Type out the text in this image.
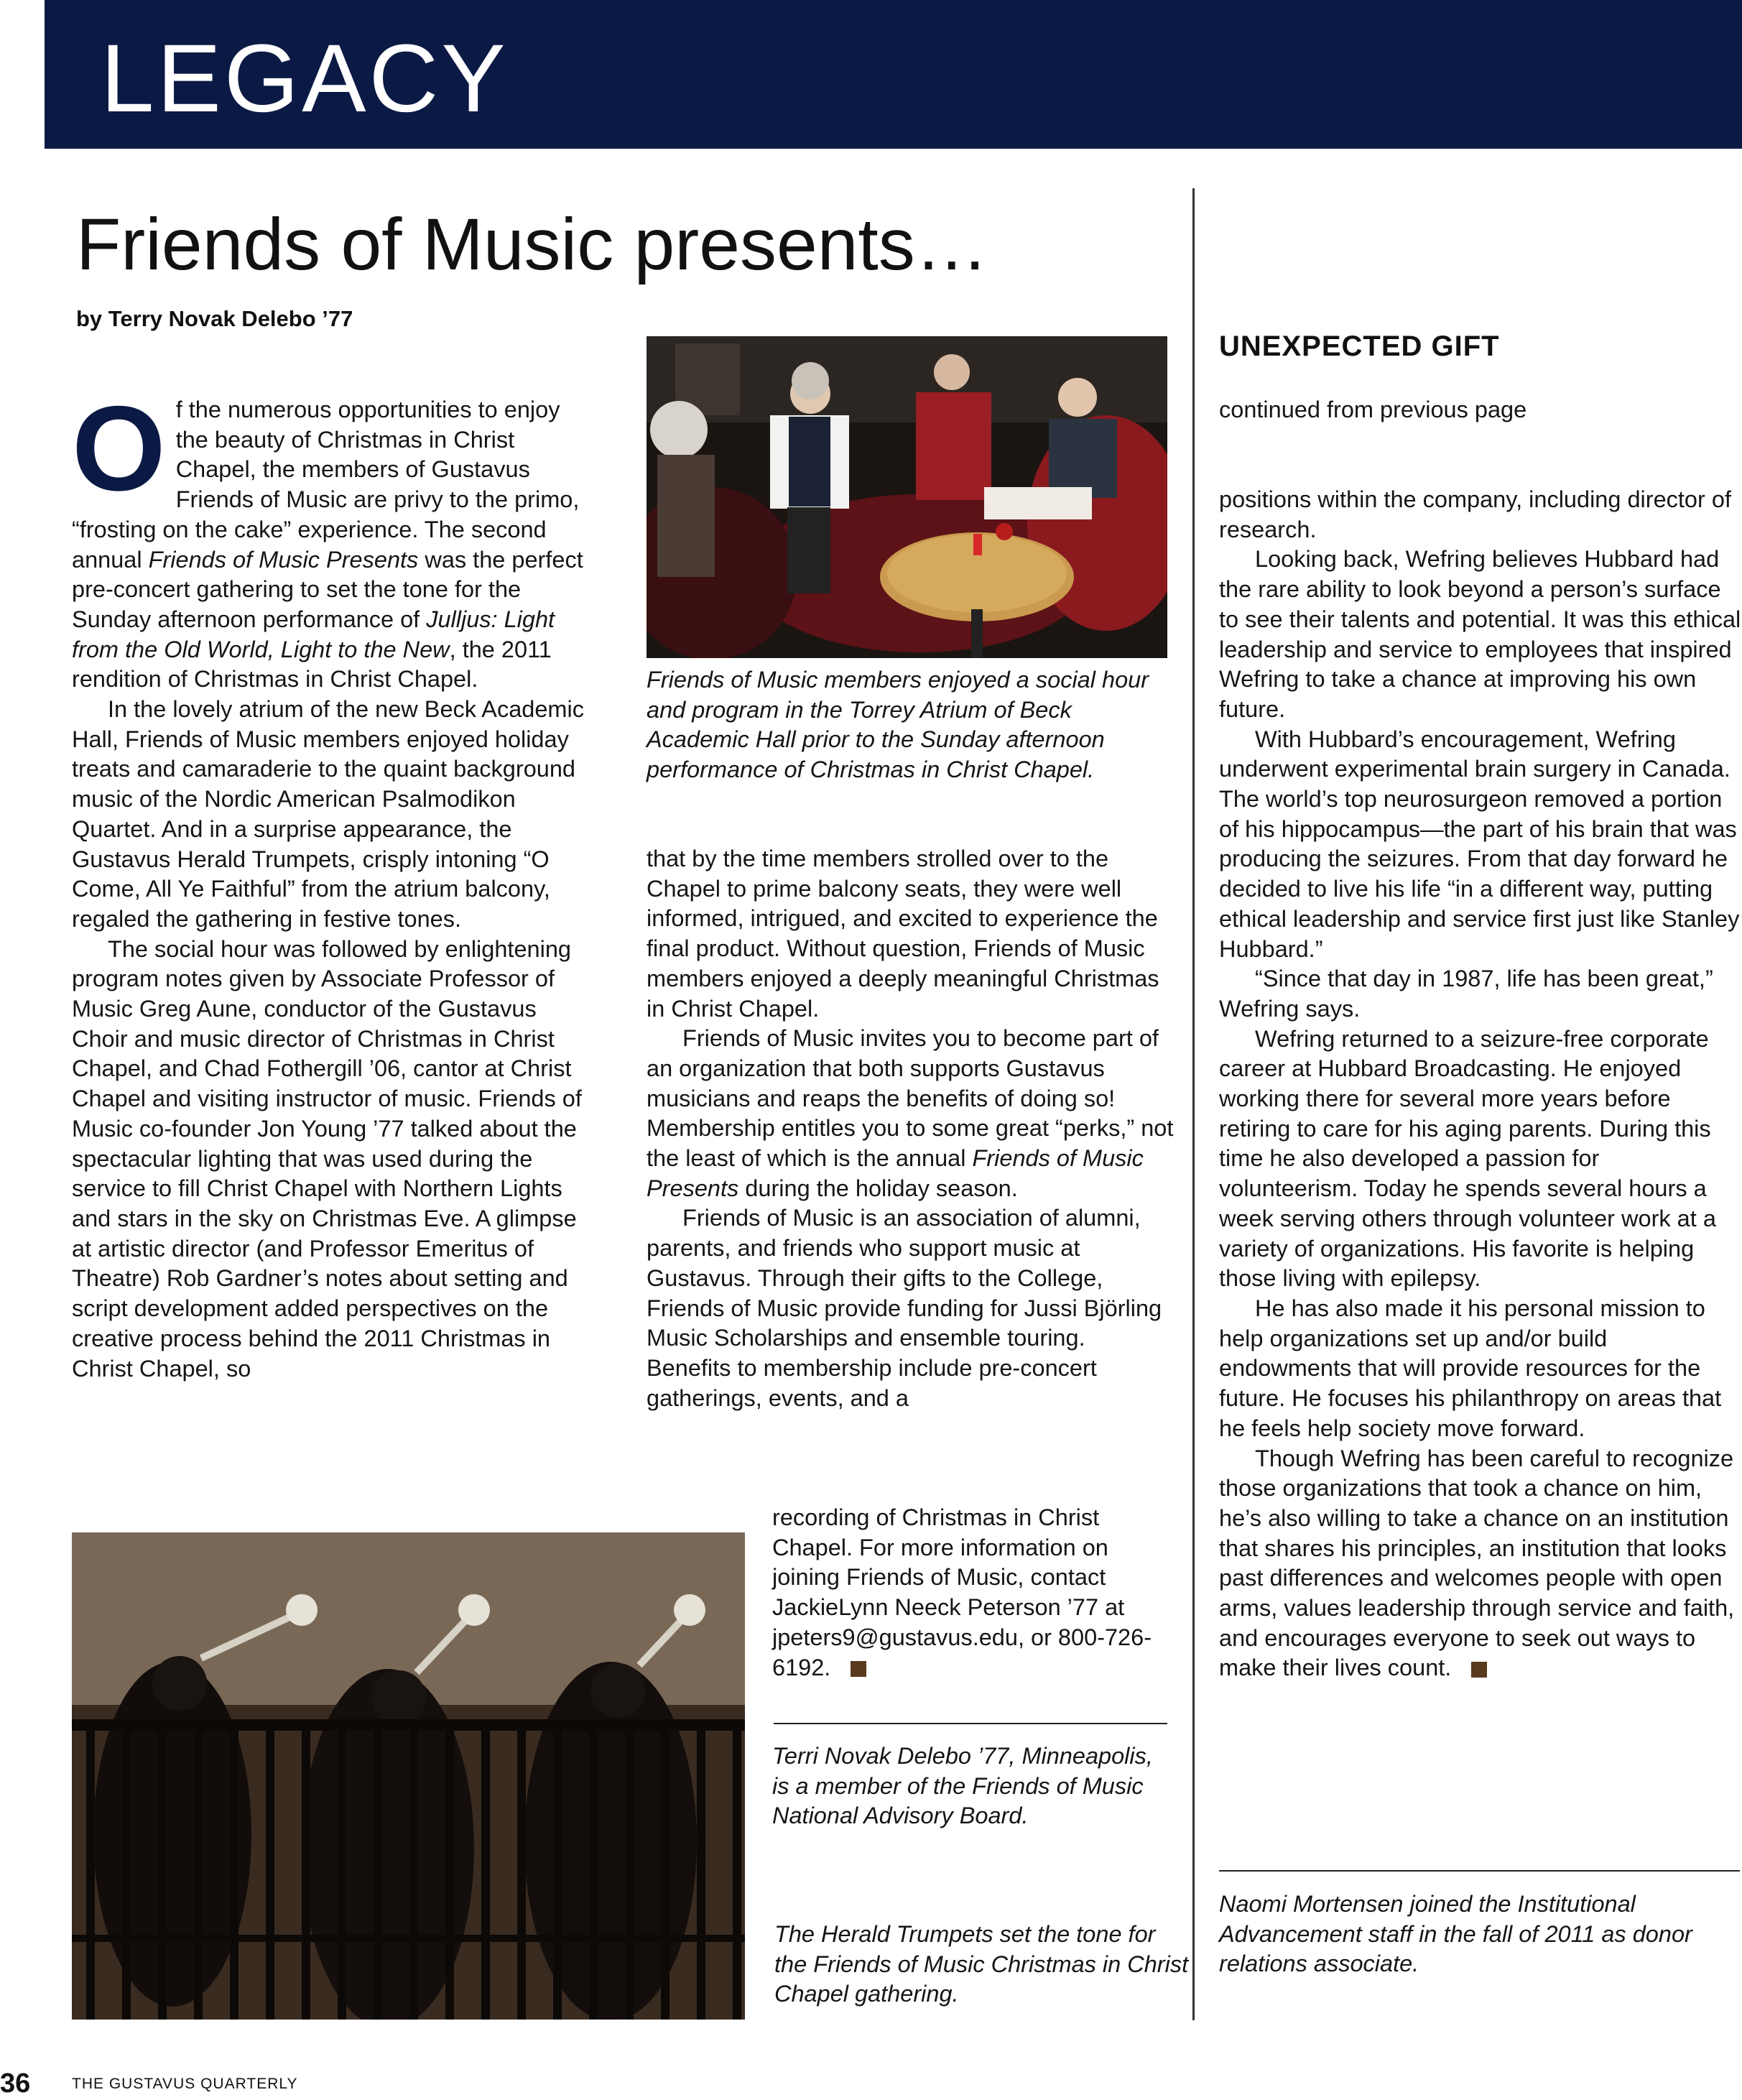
LEGACY
Friends of Music presents…
by Terry Novak Delebo ’77

Of the numerous opportunities to enjoy the beauty of Christmas in Christ Chapel, the members of Gustavus Friends of Music are privy to the primo, “frosting on the cake” experience. The second annual Friends of Music Presents was the perfect pre-concert gathering to set the tone for the Sunday afternoon performance of Julljus: Light from the Old World, Light to the New, the 2011 rendition of Christmas in Christ Chapel.

In the lovely atrium of the new Beck Academic Hall, Friends of Music members enjoyed holiday treats and camaraderie to the quaint background music of the Nordic American Psalmodikon Quartet. And in a surprise appearance, the Gustavus Herald Trumpets, crisply intoning “O Come, All Ye Faithful” from the atrium balcony, regaled the gathering in festive tones.

The social hour was followed by enlightening program notes given by Associate Professor of Music Greg Aune, conductor of the Gustavus Choir and music director of Christmas in Christ Chapel, and Chad Fothergill ’06, cantor at Christ Chapel and visiting instructor of music. Friends of Music co-founder Jon Young ’77 talked about the spectacular lighting that was used during the service to fill Christ Chapel with Northern Lights and stars in the sky on Christmas Eve. A glimpse at artistic director (and Professor Emeritus of Theatre) Rob Gardner’s notes about setting and script development added perspectives on the creative process behind the 2011 Christmas in Christ Chapel, so

Friends of Music members enjoyed a social hour and program in the Torrey Atrium of Beck Academic Hall prior to the Sunday afternoon performance of Christmas in Christ Chapel.

that by the time members strolled over to the Chapel to prime balcony seats, they were well informed, intrigued, and excited to experience the final product. Without question, Friends of Music members enjoyed a deeply meaningful Christmas in Christ Chapel.

Friends of Music invites you to become part of an organization that both supports Gustavus musicians and reaps the benefits of doing so! Membership entitles you to some great “perks,” not the least of which is the annual Friends of Music Presents during the holiday season.

Friends of Music is an association of alumni, parents, and friends who support music at Gustavus. Through their gifts to the College, Friends of Music provide funding for Jussi Björling Music Scholarships and ensemble touring. Benefits to membership include pre-concert gatherings, events, and a

recording of Christmas in Christ Chapel. For more information on joining Friends of Music, contact JackieLynn Neeck Peterson ’77 at jpeters9@gustavus.edu, or 800-726-6192.

Terri Novak Delebo ’77, Minneapolis, is a member of the Friends of Music National Advisory Board.
The Herald Trumpets set the tone for the Friends of Music Christmas in Christ Chapel gathering.
UNEXPECTED GIFT
continued from previous page

positions within the company, including director of research.

Looking back, Wefring believes Hubbard had the rare ability to look beyond a person’s surface to see their talents and potential. It was this ethical leadership and service to employees that inspired Wefring to take a chance at improving his own future.

With Hubbard’s encouragement, Wefring underwent experimental brain surgery in Canada. The world’s top neurosurgeon removed a portion of his hippocampus—the part of his brain that was producing the seizures. From that day forward he decided to live his life “in a different way, putting ethical leadership and service first just like Stanley Hubbard.”

“Since that day in 1987, life has been great,” Wefring says.

Wefring returned to a seizure-free corporate career at Hubbard Broadcasting. He enjoyed working there for several more years before retiring to care for his aging parents. During this time he also developed a passion for volunteerism. Today he spends several hours a week serving others through volunteer work at a variety of organizations. His favorite is helping those living with epilepsy.

He has also made it his personal mission to help organizations set up and/or build endowments that will provide resources for the future. He focuses his philanthropy on areas that he feels help society move forward.

Though Wefring has been careful to recognize those organizations that took a chance on him, he’s also willing to take a chance on an institution that shares his principles, an institution that looks past differences and welcomes people with open arms, values leadership through service and faith, and encourages everyone to seek out ways to make their lives count.

Naomi Mortensen joined the Institutional Advancement staff in the fall of 2011 as donor relations associate.
36	THE GUSTAVUS QUARTERLY
